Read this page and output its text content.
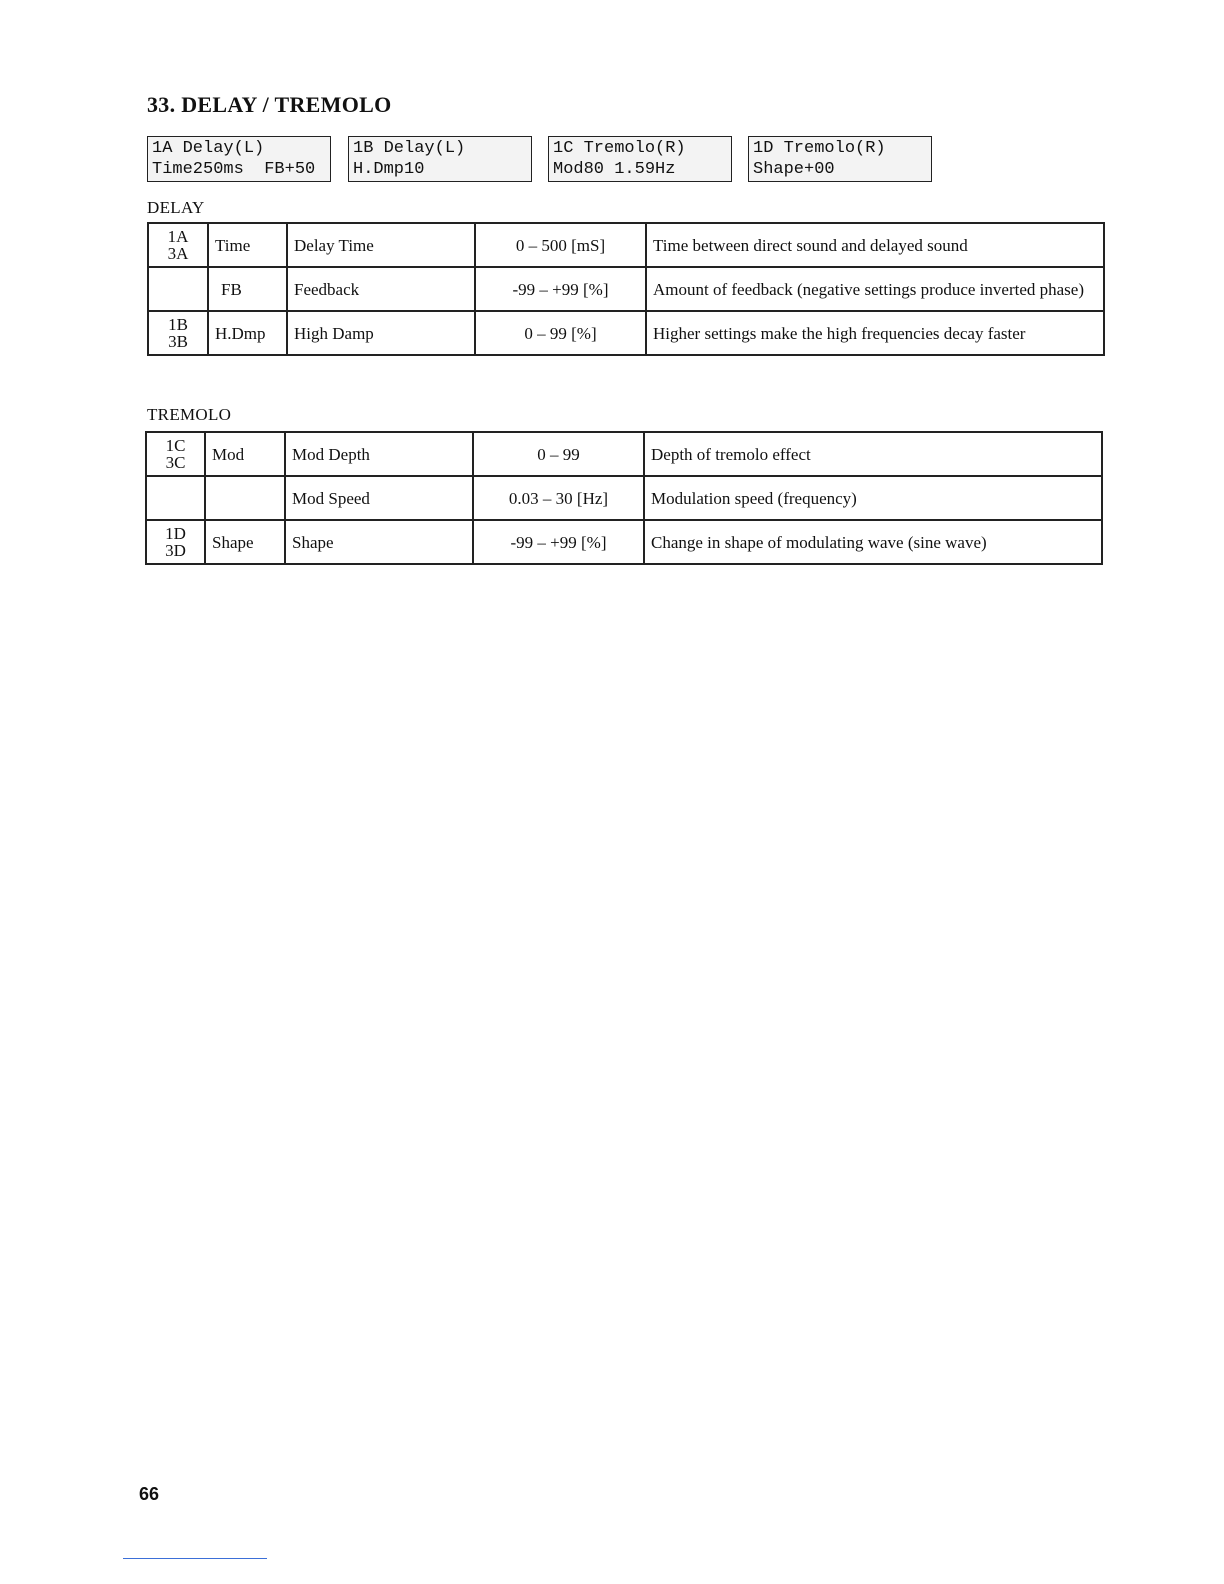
33. DELAY / TREMOLO
1A Delay(L)
Time250ms  FB+50
1B Delay(L)
H.Dmp10
1C Tremolo(R)
Mod80 1.59Hz
1D Tremolo(R)
Shape+00
DELAY
1A
3A	Time	Delay Time	0 – 500 [mS]	Time between direct sound and delayed sound

	FB	Feedback	-99 – +99 [%]	Amount of feedback (negative settings produce inverted phase)
1B
3B	H.Dmp	High Damp	0 – 99 [%]	Higher settings make the high frequencies decay faster
TREMOLO
1C
3C	Mod	Mod Depth	0 – 99	Depth of tremolo effect

		Mod Speed	0.03 – 30 [Hz]	Modulation speed (frequency)
1D
3D	Shape	Shape	-99 – +99 [%]	Change in shape of modulating wave (sine wave)
66
